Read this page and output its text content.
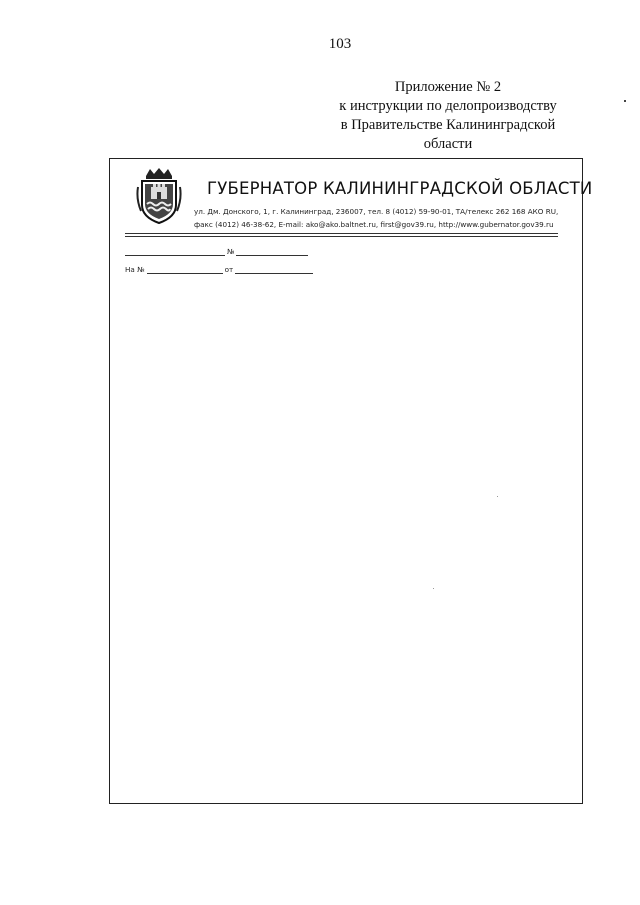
103
Приложение № 2
к инструкции по делопроизводству
в Правительстве Калининградской
области
ГУБЕРНАТОР КАЛИНИНГРАДСКОЙ ОБЛАСТИ
ул. Дм. Донского, 1, г. Калининград, 236007, тел. 8 (4012) 59-90-01, ТА/телекс 262 168 АКО RU,
факс (4012) 46-38-62, E-mail: ako@ako.baltnet.ru, first@gov39.ru, http://www.gubernator.gov39.ru
№
На №	от
